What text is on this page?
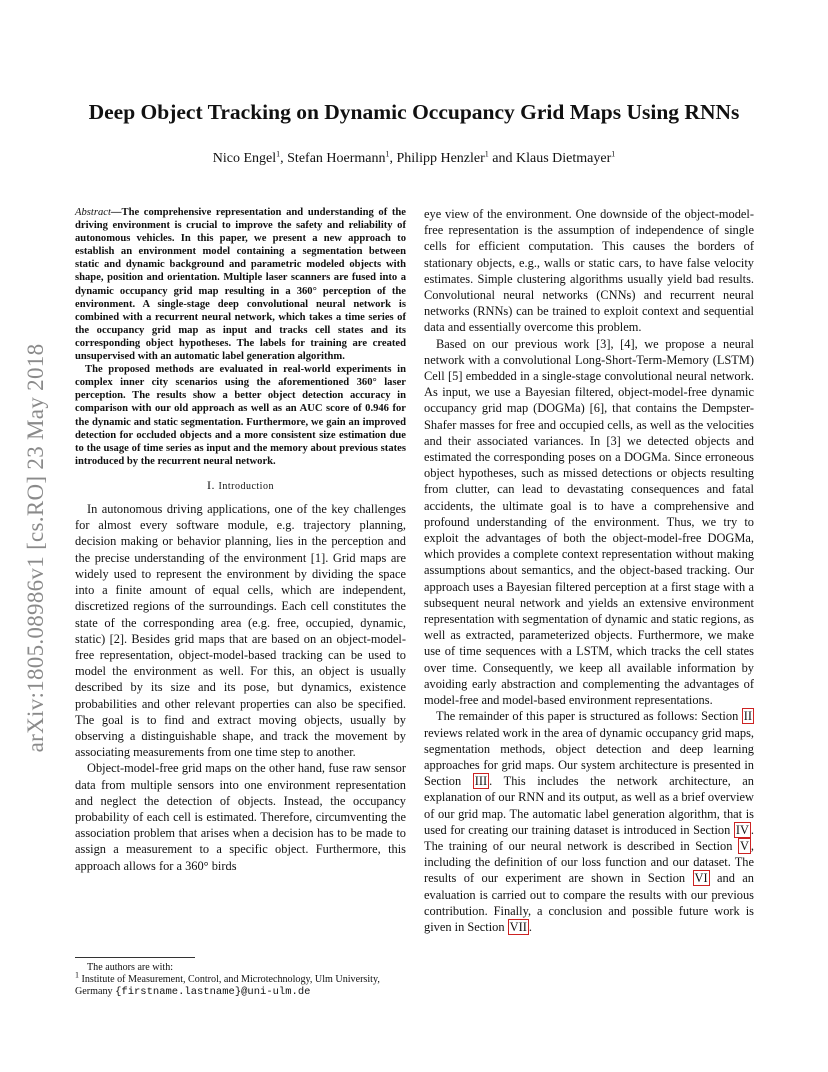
arXiv:1805.08986v1 [cs.RO] 23 May 2018
Deep Object Tracking on Dynamic Occupancy Grid Maps Using RNNs
Nico Engel$^1$, Stefan Hoermann$^1$, Philipp Henzler$^1$ and Klaus Dietmayer$^1$

Abstract—The comprehensive representation and understanding of the driving environment is crucial to improve the safety and reliability of autonomous vehicles. In this paper, we present a new approach to establish an environment model containing a segmentation between static and dynamic background and parametric modeled objects with shape, position and orientation. Multiple laser scanners are fused into a dynamic occupancy grid map resulting in a 360° perception of the environment. A single-stage deep convolutional neural network is combined with a recurrent neural network, which takes a time series of the occupancy grid map as input and tracks cell states and its corresponding object hypotheses. The labels for training are created unsupervised with an automatic label generation algorithm.

The proposed methods are evaluated in real-world experiments in complex inner city scenarios using the aforementioned 360° laser perception. The results show a better object detection accuracy in comparison with our old approach as well as an AUC score of 0.946 for the dynamic and static segmentation. Furthermore, we gain an improved detection for occluded objects and a more consistent size estimation due to the usage of time series as input and the memory about previous states introduced by the recurrent neural network.

I. Introduction

In autonomous driving applications, one of the key challenges for almost every software module, e.g. trajectory planning, decision making or behavior planning, lies in the perception and the precise understanding of the environment [1]. Grid maps are widely used to represent the environment by dividing the space into a finite amount of equal cells, which are independent, discretized regions of the surroundings. Each cell constitutes the state of the corresponding area (e.g. free, occupied, dynamic, static) [2]. Besides grid maps that are based on an object-model-free representation, object-model-based tracking can be used to model the environment as well. For this, an object is usually described by its size and its pose, but dynamics, existence probabilities and other relevant properties can also be specified. The goal is to find and extract moving objects, usually by observing a distinguishable shape, and track the movement by associating measurements from one time step to another.

Object-model-free grid maps on the other hand, fuse raw sensor data from multiple sensors into one environment representation and neglect the detection of objects. Instead, the occupancy probability of each cell is estimated. Therefore, circumventing the association problem that arises when a decision has to be made to assign a measurement to a specific object. Furthermore, this approach allows for a 360° birds

eye view of the environment. One downside of the object-model-free representation is the assumption of independence of single cells for efficient computation. This causes the borders of stationary objects, e.g., walls or static cars, to have false velocity estimates. Simple clustering algorithms usually yield bad results. Convolutional neural networks (CNNs) and recurrent neural networks (RNNs) can be trained to exploit context and sequential data and essentially overcome this problem.

Based on our previous work [3], [4], we propose a neural network with a convolutional Long-Short-Term-Memory (LSTM) Cell [5] embedded in a single-stage convolutional neural network. As input, we use a Bayesian filtered, object-model-free dynamic occupancy grid map (DOGMa) [6], that contains the Dempster-Shafer masses for free and occupied cells, as well as the velocities and their associated variances. In [3] we detected objects and estimated the corresponding poses on a DOGMa. Since erroneous object hypotheses, such as missed detections or objects resulting from clutter, can lead to devastating consequences and fatal accidents, the ultimate goal is to have a comprehensive and profound understanding of the environment. Thus, we try to exploit the advantages of both the object-model-free DOGMa, which provides a complete context representation without making assumptions about semantics, and the object-based tracking. Our approach uses a Bayesian filtered perception at a first stage with a subsequent neural network and yields an extensive environment representation with segmentation of dynamic and static regions, as well as extracted, parameterized objects. Furthermore, we make use of time sequences with a LSTM, which tracks the cell states over time. Consequently, we keep all available information by avoiding early abstraction and complementing the advantages of model-free and model-based environment representations.

The remainder of this paper is structured as follows: Section II reviews related work in the area of dynamic occupancy grid maps, segmentation methods, object detection and deep learning approaches for grid maps. Our system architecture is presented in Section III . This includes the network architecture, an explanation of our RNN and its output, as well as a brief overview of our grid map. The automatic label generation algorithm, that is used for creating our training dataset is introduced in Section IV . The training of our neural network is described in Section V , including the definition of our loss function and our dataset. The results of our experiment are shown in Section VI and an evaluation is carried out to compare the results with our previous contribution. Finally, a conclusion and possible future work is given in Section VII .

The authors are with:

$^1$ Institute of Measurement, Control, and Microtechnology, Ulm University, Germany {firstname.lastname}@uni-ulm.de
